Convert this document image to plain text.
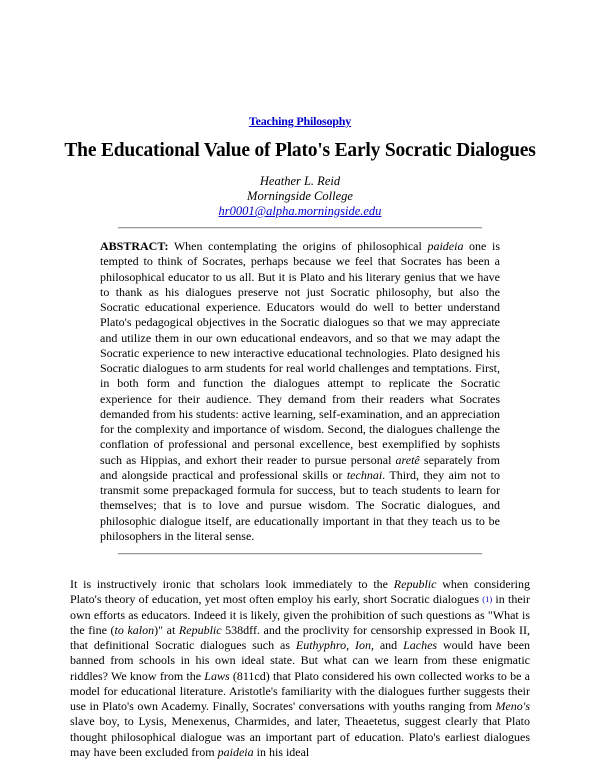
Teaching Philosophy
The Educational Value of Plato's Early Socratic Dialogues
Heather L. Reid
Morningside College
hr0001@alpha.morningside.edu

ABSTRACT: When contemplating the origins of philosophical paideia one is tempted to think of Socrates, perhaps because we feel that Socrates has been a philosophical educator to us all. But it is Plato and his literary genius that we have to thank as his dialogues preserve not just Socratic philosophy, but also the Socratic educational experience. Educators would do well to better understand Plato's pedagogical objectives in the Socratic dialogues so that we may appreciate and utilize them in our own educational endeavors, and so that we may adapt the Socratic experience to new interactive educational technologies. Plato designed his Socratic dialogues to arm students for real world challenges and temptations. First, in both form and function the dialogues attempt to replicate the Socratic experience for their audience. They demand from their readers what Socrates demanded from his students: active learning, self-examination, and an appreciation for the complexity and importance of wisdom. Second, the dialogues challenge the conflation of professional and personal excellence, best exemplified by sophists such as Hippias, and exhort their reader to pursue personal aretê separately from and alongside practical and professional skills or technai. Third, they aim not to transmit some prepackaged formula for success, but to teach students to learn for themselves; that is to love and pursue wisdom. The Socratic dialogues, and philosophic dialogue itself, are educationally important in that they teach us to be philosophers in the literal sense.

It is instructively ironic that scholars look immediately to the Republic when considering Plato's theory of education, yet most often employ his early, short Socratic dialogues (1) in their own efforts as educators. Indeed it is likely, given the prohibition of such questions as "What is the fine (to kalon)" at Republic 538dff. and the proclivity for censorship expressed in Book II, that definitional Socratic dialogues such as Euthyphro, Ion, and Laches would have been banned from schools in his own ideal state. But what can we learn from these enigmatic riddles? We know from the Laws (811cd) that Plato considered his own collected works to be a model for educational literature. Aristotle's familiarity with the dialogues further suggests their use in Plato's own Academy. Finally, Socrates' conversations with youths ranging from Meno's slave boy, to Lysis, Menexenus, Charmides, and later, Theaetetus, suggest clearly that Plato thought philosophical dialogue was an important part of education. Plato's earliest dialogues may have been excluded from paideia in his ideal
